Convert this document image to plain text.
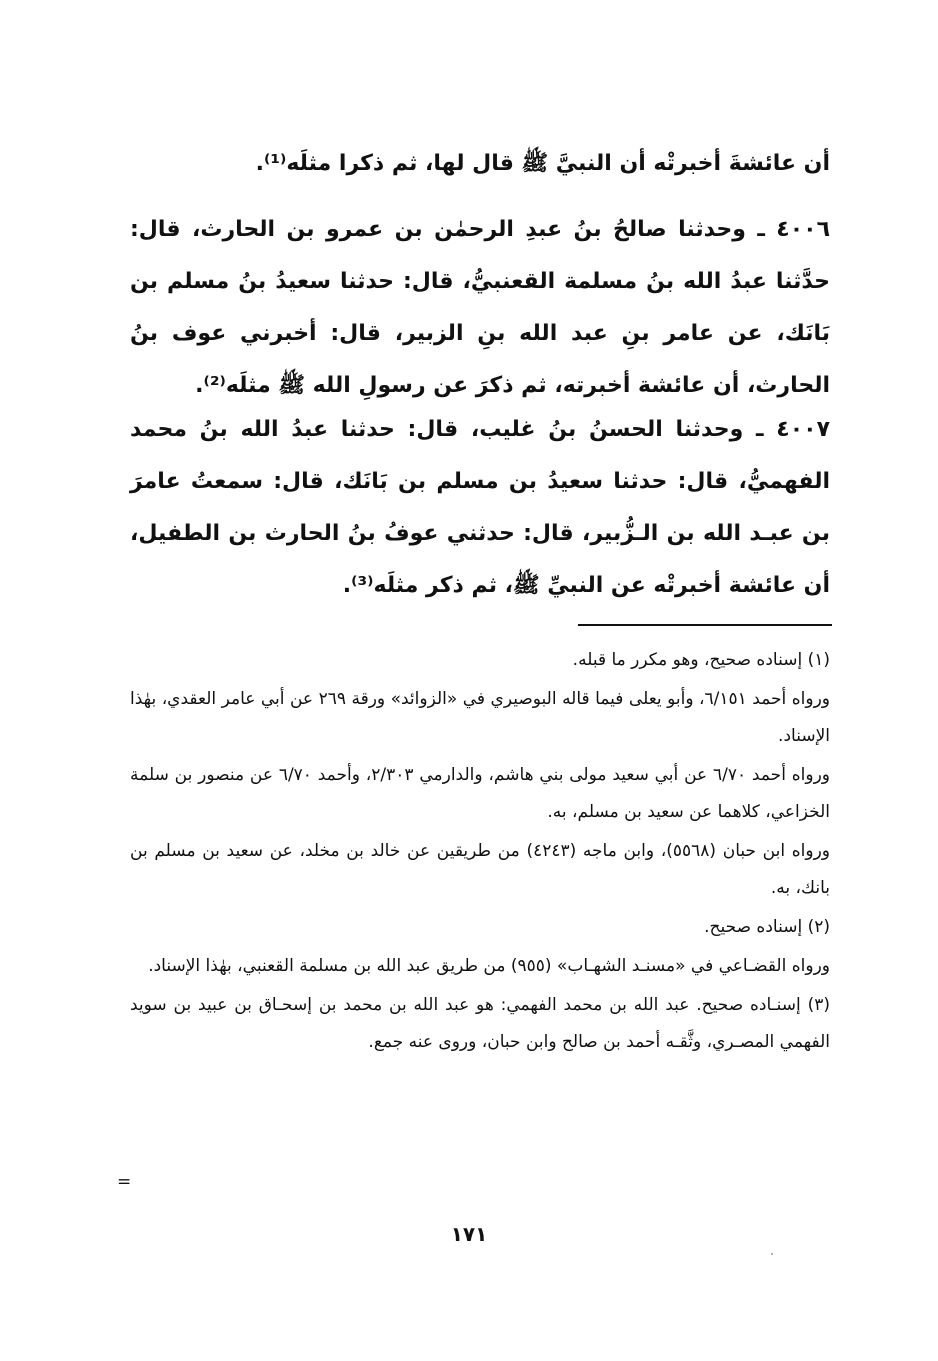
أن عائشةَ أخبرتْه أن النبيَّ ﷺ قال لها، ثم ذكرا مثلَه⁽¹⁾.

٤٠٠٦ ـ وحدثنا صالحُ بنُ عبدِ الرحمٰن بن عمرو بن الحارث، قال: حدَّثنا عبدُ الله بنُ مسلمة القعنبيُّ، قال: حدثنا سعيدُ بنُ مسلم بن بَانَك، عن عامر بنِ عبد الله بنِ الزبير، قال: أخبرني عوف بنُ الحارث، أن عائشة أخبرته، ثم ذكرَ عن رسولِ الله ﷺ مثلَه⁽²⁾.

٤٠٠٧ ـ وحدثنا الحسنُ بنُ غليب، قال: حدثنا عبدُ الله بنُ محمد الفهميُّ، قال: حدثنا سعيدُ بن مسلم بن بَانَك، قال: سمعتُ عامرَ بن عبـد الله بن الـزُّبير، قال: حدثني عوفُ بنُ الحارث بن الطفيل، أن عائشة أخبرتْه عن النبيِّ ﷺ، ثم ذكر مثلَه⁽³⁾.

(١) إسناده صحيح، وهو مكرر ما قبله.

ورواه أحمد ٦/١٥١، وأبو يعلى فيما قاله البوصيري في «الزوائد» ورقة ٢٦٩ عن أبي عامر العقدي، بهٰذا الإسناد.

ورواه أحمد ٦/٧٠ عن أبي سعيد مولى بني هاشم، والدارمي ٢/٣٠٣، وأحمد ٦/٧٠ عن منصور بن سلمة الخزاعي، كلاهما عن سعيد بن مسلم، به.

ورواه ابن حبان (٥٥٦٨)، وابن ماجه (٤٢٤٣) من طريقين عن خالد بن مخلد، عن سعيد بن مسلم بن بانك، به.

(٢) إسناده صحيح.

ورواه القضـاعي في «مسنـد الشهـاب» (٩٥٥) من طريق عبد الله بن مسلمة القعنبي، بهٰذا الإسناد.

(٣) إسنـاده صحيح. عبد الله بن محمد الفهمي: هو عبد الله بن محمد بن إسحـاق بن عبيد بن سويد الفهمي المصـري، وثَّقـه أحمد بن صالح وابن حبان، وروى عنه جمع.

=
١٧١
